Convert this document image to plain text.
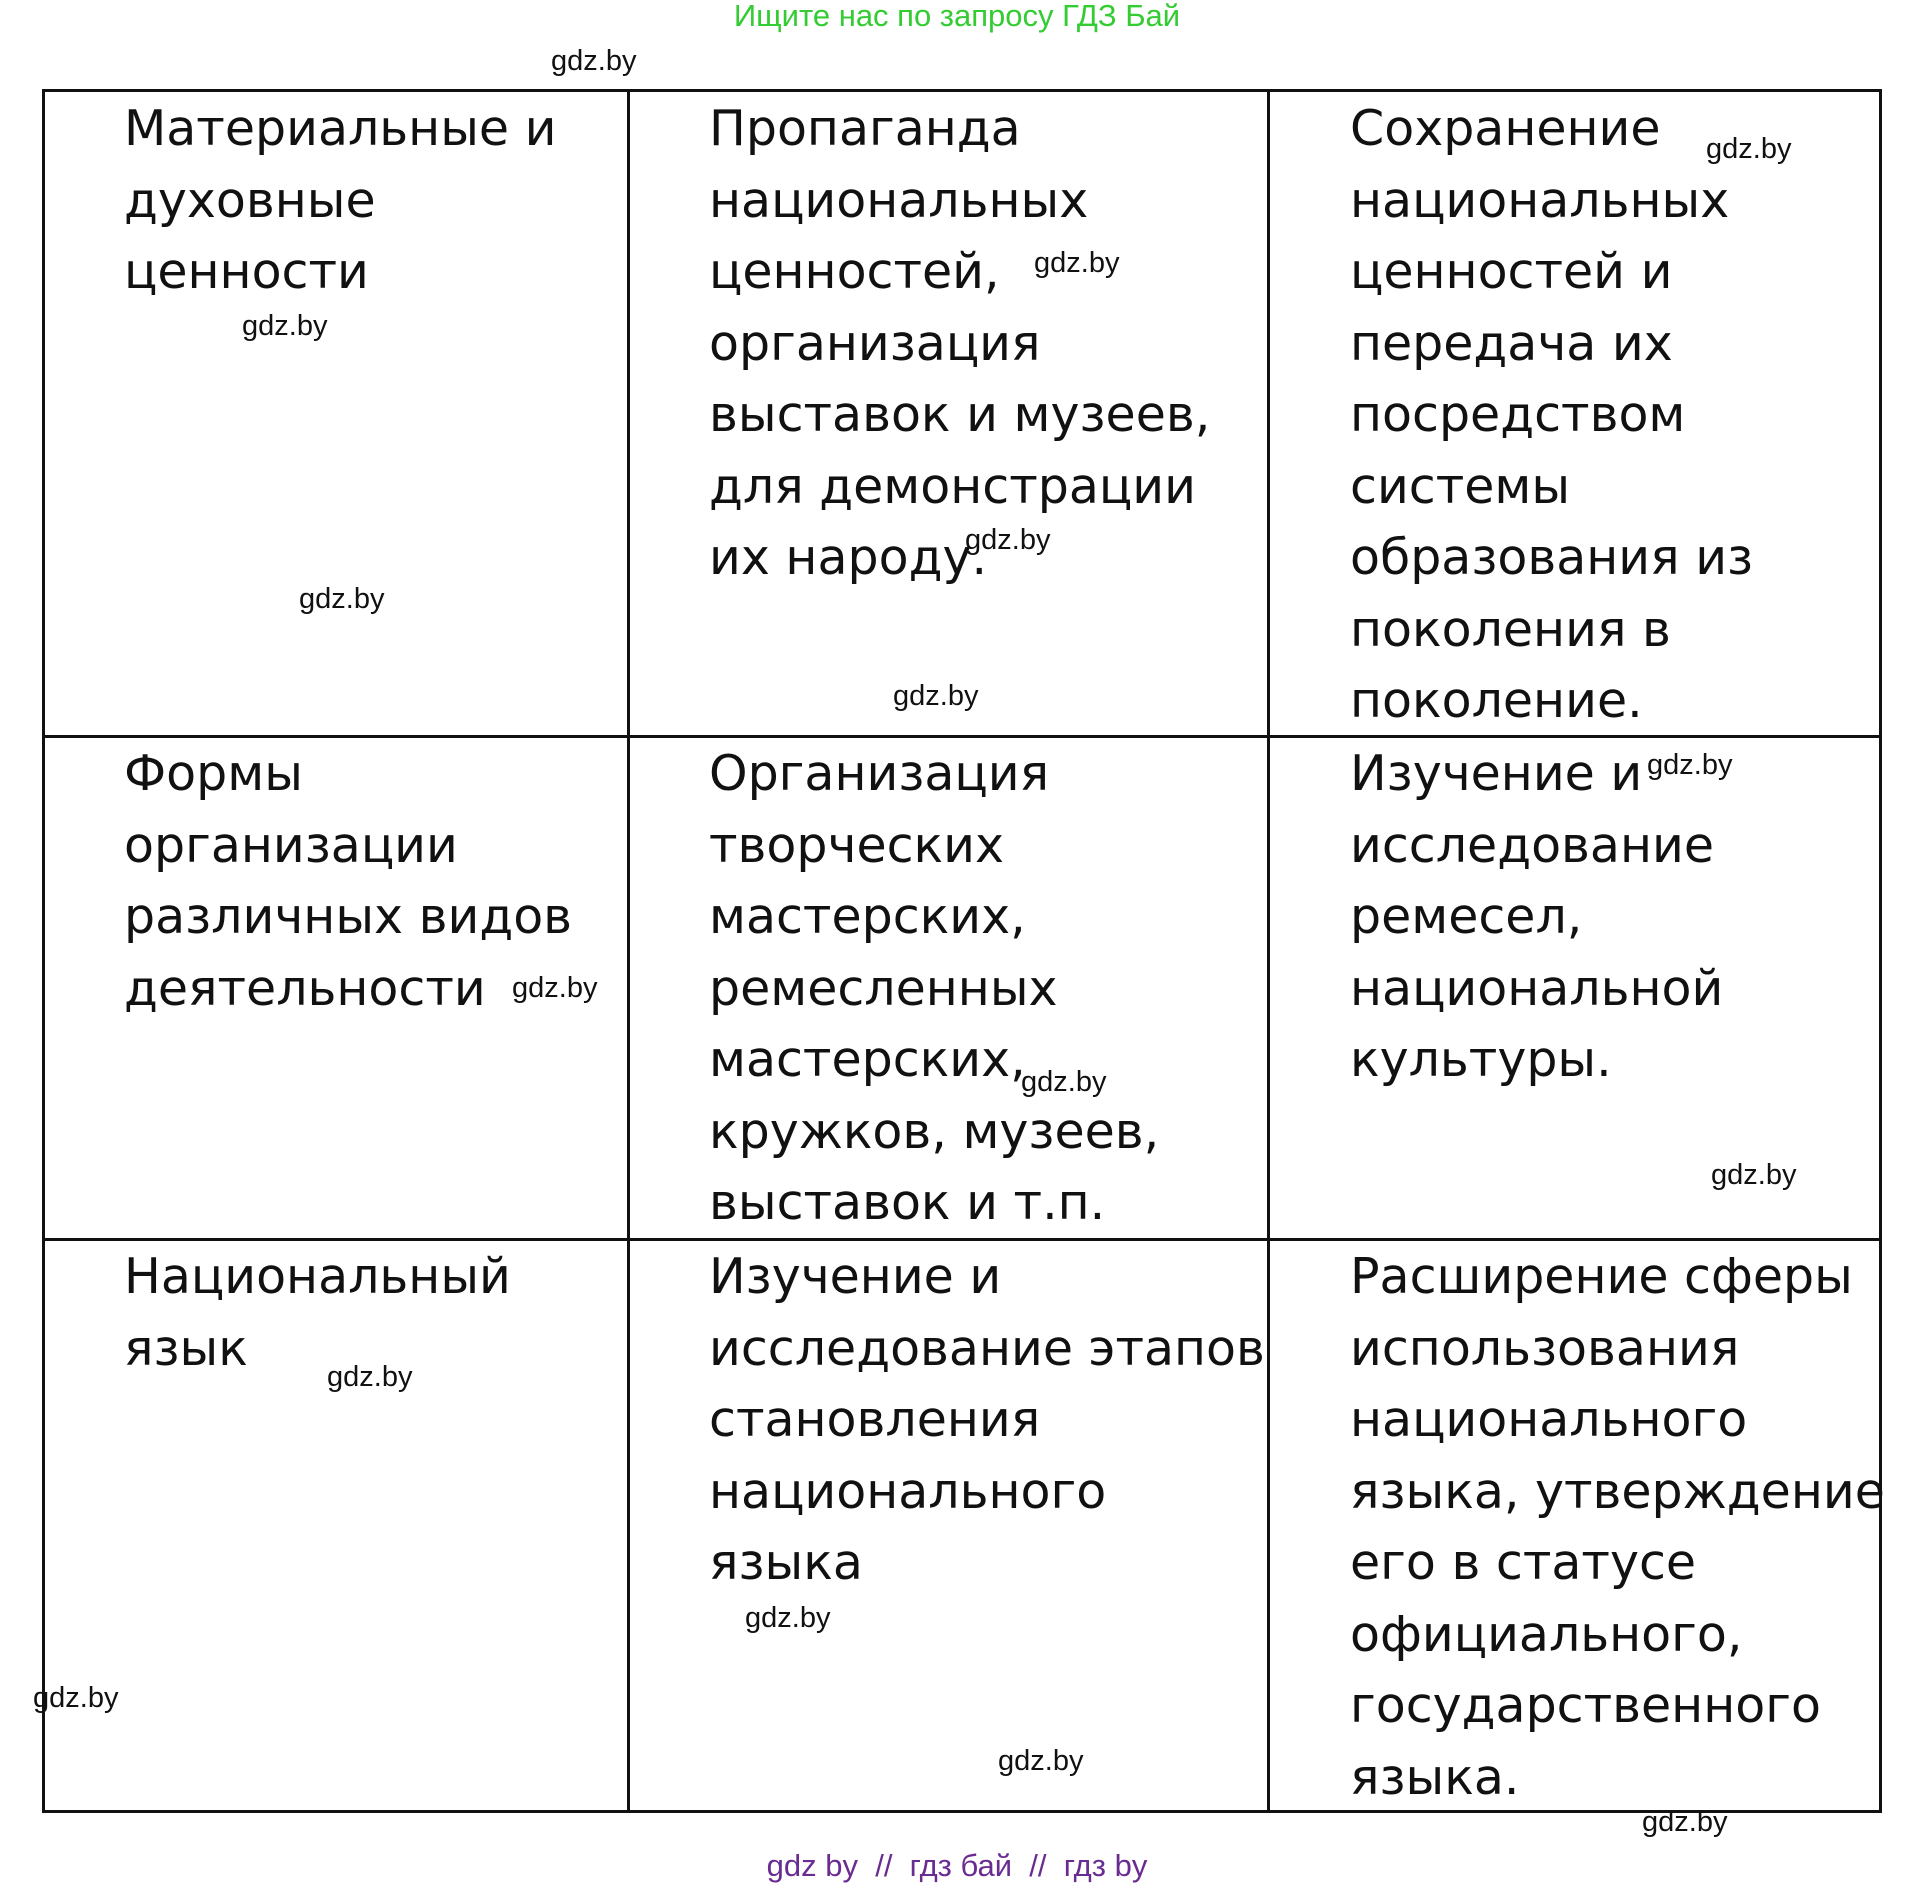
Ищите нас по запросу ГДЗ Бай
Материальные и
духовные
ценности
Пропаганда
национальных
ценностей,
организация
выставок и музеев,
для демонстрации
их народу.
Сохранение
национальных
ценностей и
передача их
посредством
системы
образования из
поколения в
поколение.
Формы
организации
различных видов
деятельности
Организация
творческих
мастерских,
ремесленных
мастерских,
кружков, музеев,
выставок и т.п.
Изучение и
исследование
ремесел,
национальной
культуры.
Национальный
язык
Изучение и
исследование этапов
становления
национального
языка
Расширение сферы
использования
национального
языка, утверждение
его в статусе
официального,
государственного
языка.
gdz.by
gdz.by
gdz.by
gdz.by
gdz.by
gdz.by
gdz.by
gdz.by
gdz.by
gdz.by
gdz.by
gdz.by
gdz.by
gdz.by
gdz.by
gdz.by
gdz by  //  гдз бай  //  гдз by
